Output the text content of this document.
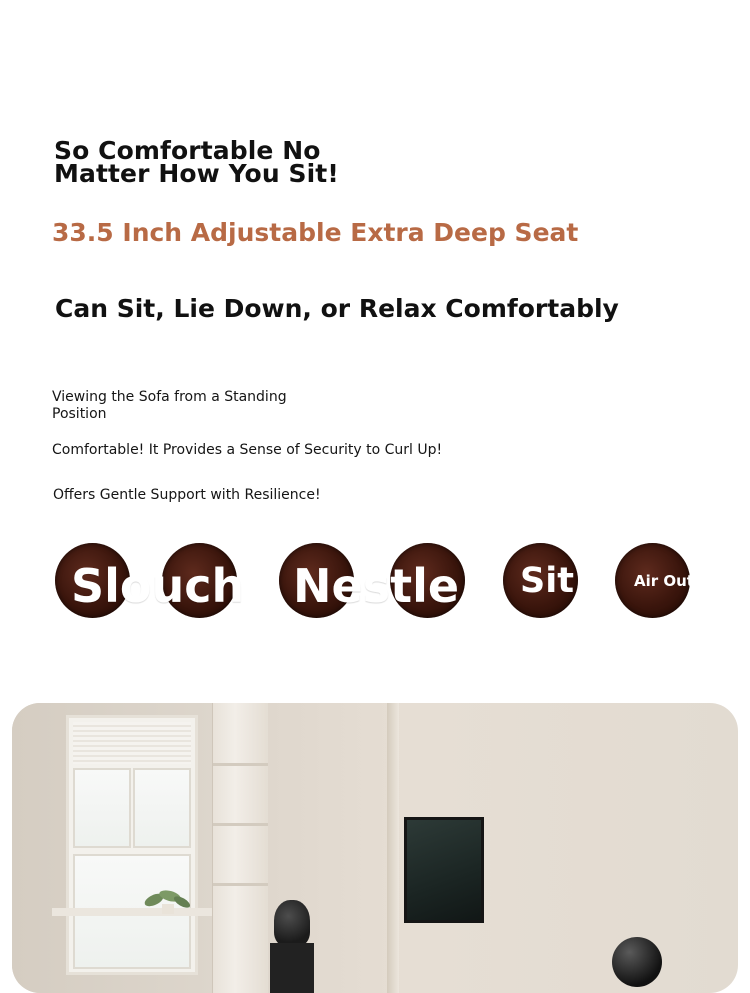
So Comfortable No
Matter How You Sit!
33.5 Inch Adjustable Extra Deep Seat
Can Sit, Lie Down, or Relax Comfortably

Viewing the Sofa from a Standing Position

Comfortable! It Provides a Sense of Security to Curl Up!

Offers Gentle Support with Resilience!

Slouch Nestle Sit	Air Out
